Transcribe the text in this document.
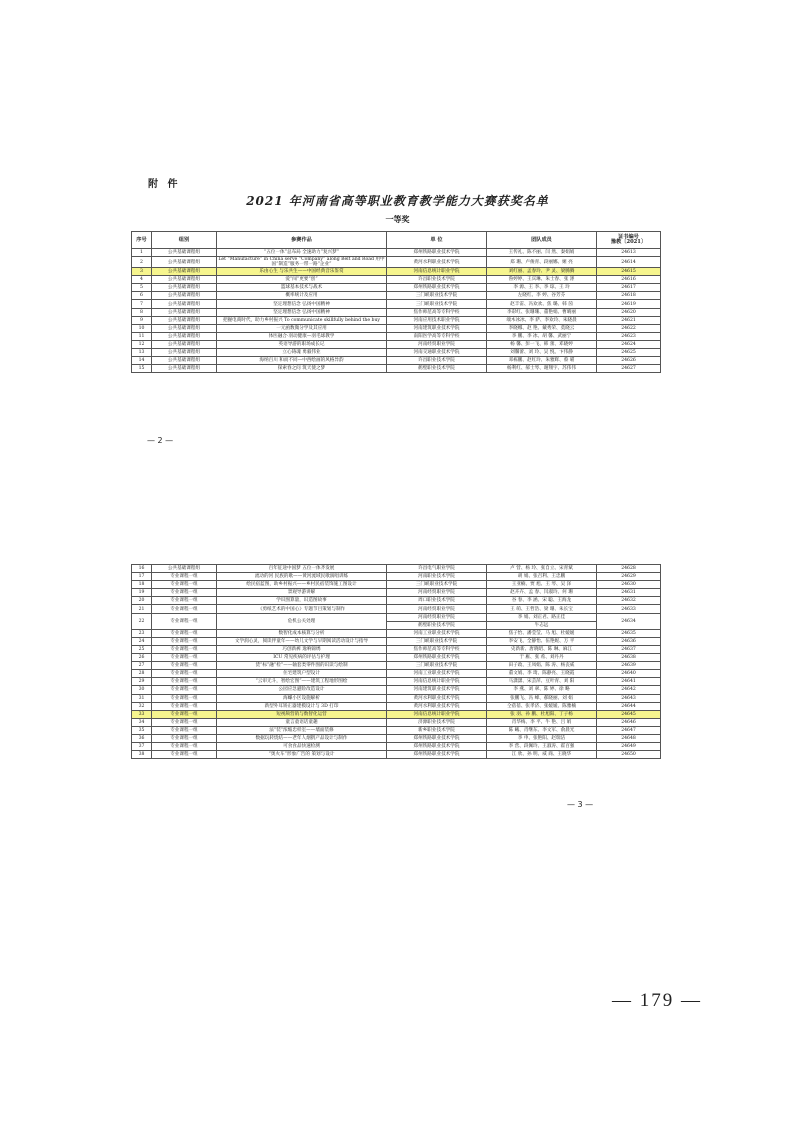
附 件
2021 年河南省高等职业教育教学能力大赛获奖名单
一等奖
序号	组别	参赛作品	单 位	团队成员	证书编号
豫教〔2021〕
1	公共基础课程组	“五位一体”总布局 全速助力“复兴梦”	郑州铁路职业技术学院	王传礼、陈不丽、闫 然、秦娟娟	24613
2	公共基础课程组	Let “Manufacture” in China serve “Company” along Belt and Road 用中国“制造”服务一带一路“企业”	黄河水利职业技术学院	郑 珊、卢俊青、段丽娜、姬 亮	24614
3	公共基础课程组	乐由心生 与乐共生——中国经典音乐鉴赏	河南信息统计职业学院	刘红丽、孟春玲、尹 灵、梁腾腾	24615
4	公共基础课程组	爱“闯”更要“创”	许昌职业技术学院	鲁婷婷、王宾琳、朱士春、张 涤	24616
5	公共基础课程组	篮球基本技术与战术	郑州铁路职业技术学院	李 源、王 李、李 琼、王 玲	24617
6	公共基础课程组	概率统计及应用	三门峡职业技术学院	左晓红、李 婷、谷芳芬	24618
7	公共基础课程组	坚定理想信念 弘扬中国精神	三门峡职业技术学院	赵丰雷、冯欢欢、焦 璐、韩 茵	24619
8	公共基础课程组	坚定理想信念 弘扬中国精神	焦作师范高等专科学校	李彩红、张珊珊、董艳娟、曹晴丽	24620
9	公共基础课程组	把握电商时代，助力乡村振兴 To communicate skillfully behind the buy	河南应用技术职业学院	端木冰冰、李 萨、李欢玲、朱晓晨	24621
10	公共基础课程组	一元函数微分学及其应用	河南建筑职业技术学院	李晓娜、赵 艳、戴秀荣、莫晓云	24622
11	公共基础课程组	体医融合·羽动健康—羽毛球教学	南阳医学高等专科学校	李 鹏、李 冰、胡 馨、武丽宁	24623
12	公共基础课程组	英语导游的职场成长记	河南经贸职业学院	杨 馨、彭一飞、韩 蕾、邓晓婷	24624
13	公共基础课程组	立心铸魂 勇毅伟业	河南交通职业技术学院	刘馨蕾、刘 玲、吴 悦、卞伟静	24625
14	公共基础课程组	海纳百川 和而不同—中西绘画的风格异韵	许昌职业技术学院	邓栋鹏、赵红玲、朱雅辉、蔡 喵	24626
15	公共基础课程组	探索春之问 筑天使之梦	鹤壁职业技术学院	杨利红、郝士琴、谢翔宇、苏伟伟	24627
— 2 —
16	公共基础课程组	百年征途中国梦 五位一体齐发展	许昌电气职业学院	卢 营、杨 玲、张自立、宋青斌	24628
17	专业课程一组	流动的河 民族的歌——黄河流域民歌演唱训练	河南职业技术学院	胡 娟、张召利、王忠鹏	24629
18	专业课程一组	绘民宿蓝图，助乡村振兴——乡村民宿装饰施工图设计	三门峡职业技术学院	王亚楠、贾 旭、王 琴、吴 泽	24630
19	专业课程一组	景观导游讲解	河南经贸职业学院	赵卉卉、孟 春、闫淑玲、何 珊	24631
20	专业课程一组	学识图算量，识造图故事	周口职业技术学院	谷 春、李 涵、宋 聪、王海龙	24632
21	专业课程一组	《剪纸艺术的中国心》专题节目策划与制作	河南经贸职业学院	王 萌、王哲浩、梁 珊、朱长宝	24633
22	专业课程一组	危机公关处理	河南经贸职业学院	李 娟、刘正君、路正佳	24634
			鹤壁职业技术学院	牛志远	
23	专业课程一组	数智化成本核算与分析	河南工业职业技术学院	焦子怡、潘莹莹、马 旭、杜媛媛	24635
24	专业课程一组	文学润心灵，阅读伴童年——幼儿文学与早期阅读活动设计与指导	三门峡职业技术学院	李安飞、全静怡、伍艳妮、万 平	24636
25	专业课程一组	巧创新裤 逸响锦绣	焦作师范高等专科学校	史新新、唐晓昭、陈 琳、麻江	24637
26	专业课程一组	ICU 常见疾病的评估与护理	郑州铁路职业技术学院	于 雁、张 希、刘丹丹	24638
27	专业课程一组	货“标”融“检”——轴套类零件图的识读与绘制	三门峡职业技术学院	田子政、王凤娟、陈 涛、杨丧威	24639
28	专业课程一组	住宅建筑户型设计	河南工业职业技术学院	董文娟、李 琦、陈静亮、王晓霞	24640
29	专业课程一组	“云审无斗，智绘宏图”——建筑工程地形图绘	河南信息统计职业学院	马潇潇、宋芸萍、豆叶青、刘 阳	24641
30	专业课程一组	公园应急避险改造设计	河南建筑职业技术学院	李 燕、刘 翠、陈 婷、徐 略	24642
31	专业课程一组	海螺小区设施解析	黄河水利职业技术学院	张鹏飞、冯 峰、郝晓丽、刘 娟	24643
32	专业课程一组	新型外耳矫正器建模设计与 3D 打印	黄河水利职业技术学院	仝蓓蓓、张孝济、张媛媛、陈雅楠	24644
33	专业课程一组	短视频营销与数智化运营	河南信息统计职业学院	张 羽、孙 鹏、杜旭阳、丁子杨	24645
34	专业课程一组	童言童语话童趣	济源职业技术学院	肖华梅、李 平、牛 艳、吕 娟	24646
35	专业课程一组	法“装”浓缩忠样室——墙面装修	新乡职业技术学院	陈 曦、肖继东、李文军、俞晨光	24647
36	专业课程一组	数据玩转烧结——老年人烟猬产品设计与制作	郑州铁路职业技术学院	李 申、张艳阳、赵瑞洁	24648
37	专业课程一组	可食食品快速检测	郑州铁路职业技术学院	李 营、段佩玲、王淑涛、霍百强	24649
38	专业课程一组	“奥火车”形象广告的 策划与设计	郑州铁路职业技术学院	江 欣、孙 明、威 商、王晓华	24650
— 3 —
— 179 —
